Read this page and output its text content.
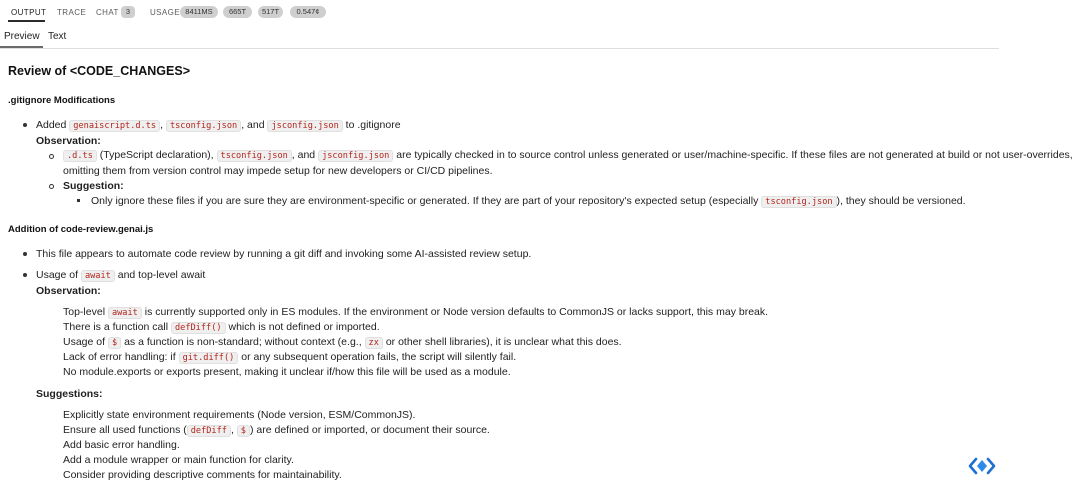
OUTPUT TRACE CHAT 3	USAGE 8411MS	665T	517T	0.547¢
Preview Text
Review of <CODE_CHANGES>
.gitignore Modifications
Added genaiscript.d.ts , tsconfig.json , and jsconfig.json to .gitignore
Observation:
.d.ts (TypeScript declaration), tsconfig.json , and jsconfig.json are typically checked in to source control unless generated or user/machine-specific. If these files are not generated at build or not user-overrides,
omitting them from version control may impede setup for new developers or CI/CD pipelines.
Suggestion:
Only ignore these files if you are sure they are environment-specific or generated. If they are part of your repository's expected setup (especially tsconfig.json ), they should be versioned.
Addition of code-review.genai.js
This file appears to automate code review by running a git diff and invoking some AI-assisted review setup.
Usage of await and top-level await
Observation:
Top-level await is currently supported only in ES modules. If the environment or Node version defaults to CommonJS or lacks support, this may break.
There is a function call defDiff() which is not defined or imported.
Usage of $ as a function is non-standard; without context (e.g., zx or other shell libraries), it is unclear what this does.
Lack of error handling: if git.diff() or any subsequent operation fails, the script will silently fail.
No module.exports or exports present, making it unclear if/how this file will be used as a module.
Suggestions:
Explicitly state environment requirements (Node version, ESM/CommonJS).
Ensure all used functions ( defDiff , $ ) are defined or imported, or document their source.
Add basic error handling.
Add a module wrapper or main function for clarity.
Consider providing descriptive comments for maintainability.
